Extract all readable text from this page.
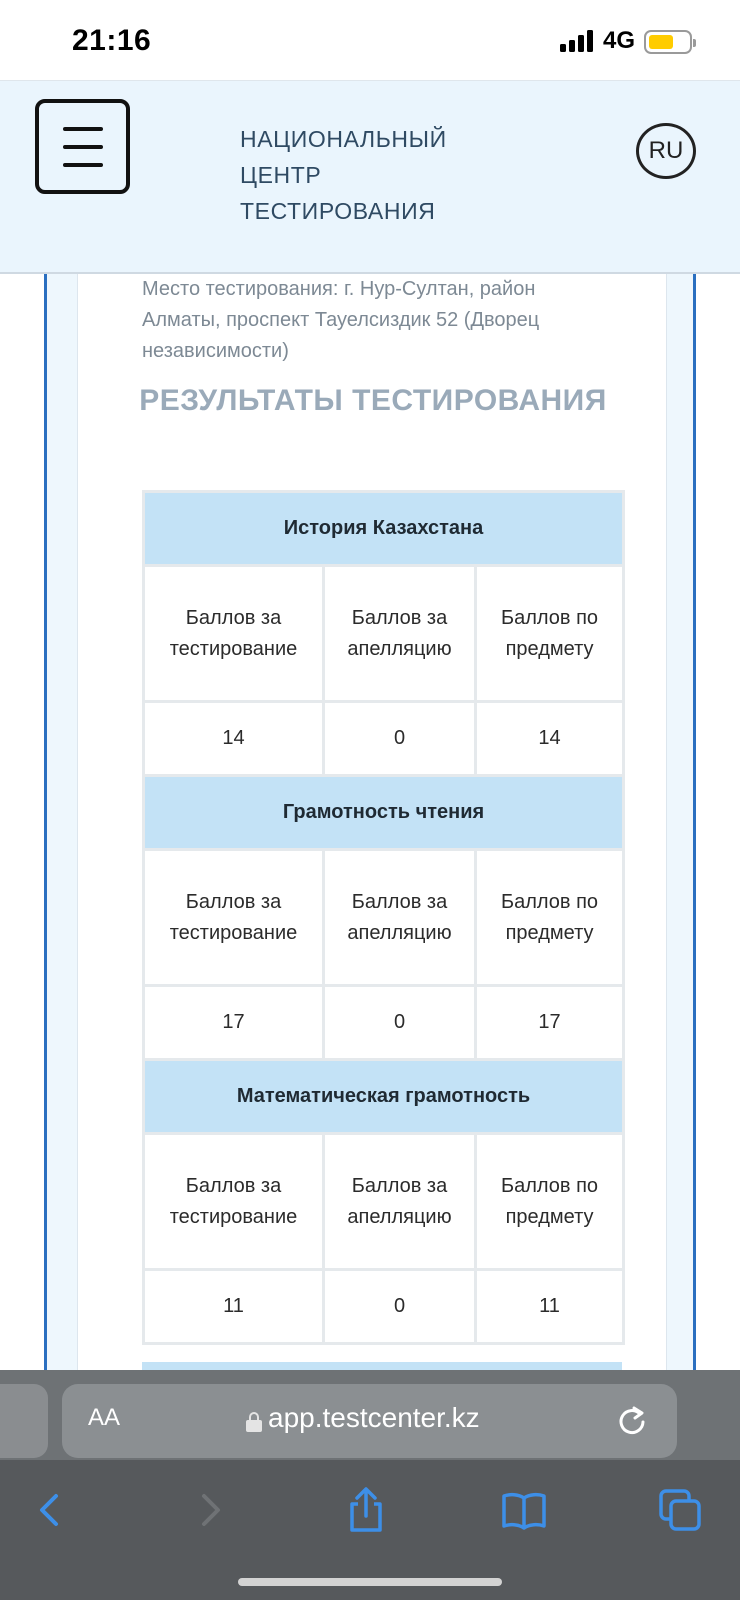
21:16	4G
НАЦИОНАЛЬНЫЙ
ЦЕНТР
ТЕСТИРОВАНИЯ
RU
Место тестирования: г. Нур-Султан, район Алматы, проспект Тауелсиздик 52 (Дворец независимости)
РЕЗУЛЬТАТЫ ТЕСТИРОВАНИЯ
История Казахстана		
Баллов за тестирование	Баллов за апелляцию	Баллов по предмету
14	0	14
Грамотность чтения		
Баллов за тестирование	Баллов за апелляцию	Баллов по предмету
17	0	17
Математическая грамотность		
Баллов за тестирование	Баллов за апелляцию	Баллов по предмету
11	0	11
AA	app.testcenter.kz
